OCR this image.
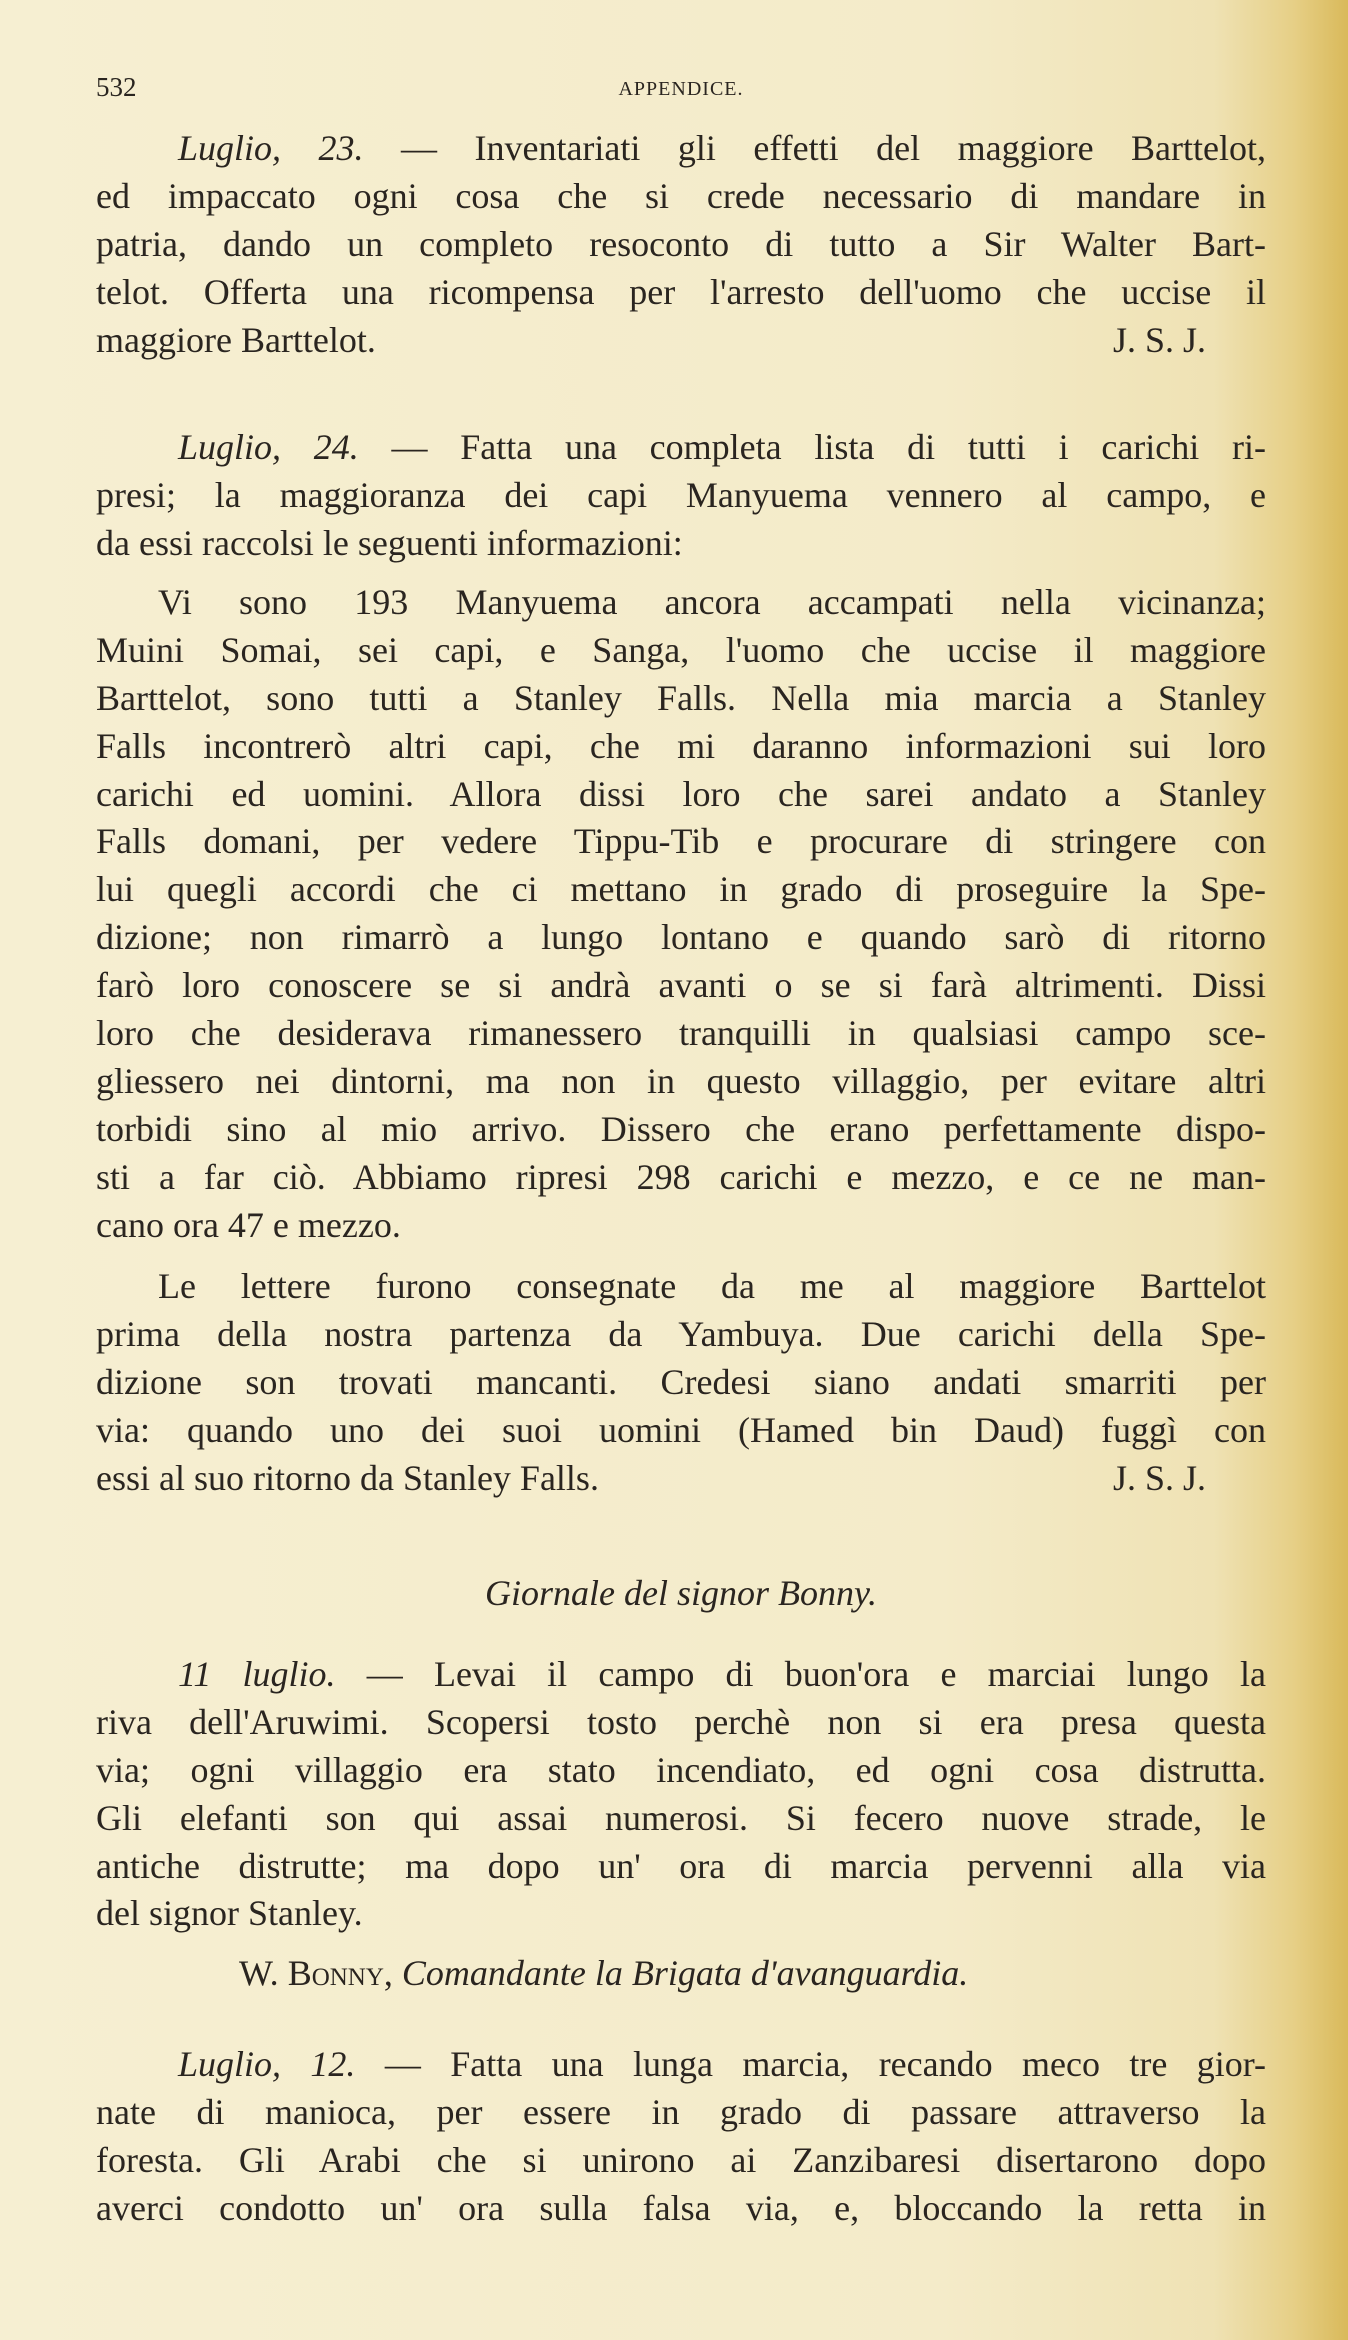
532	APPENDICE.
Luglio, 23. — Inventariati gli effetti del maggiore Barttelot,
ed impaccato ogni cosa che si crede necessario di mandare in
patria, dando un completo resoconto di tutto a Sir Walter Bart-
telot. Offerta una ricompensa per l'arresto dell'uomo che uccise il
maggiore Barttelot.	J. S. J.
Luglio, 24. — Fatta una completa lista di tutti i carichi ri-
presi; la maggioranza dei capi Manyuema vennero al campo, e
da essi raccolsi le seguenti informazioni:
Vi sono 193 Manyuema ancora accampati nella vicinanza;
Muini Somai, sei capi, e Sanga, l'uomo che uccise il maggiore
Barttelot, sono tutti a Stanley Falls. Nella mia marcia a Stanley
Falls incontrerò altri capi, che mi daranno informazioni sui loro
carichi ed uomini. Allora dissi loro che sarei andato a Stanley
Falls domani, per vedere Tippu-Tib e procurare di stringere con
lui quegli accordi che ci mettano in grado di proseguire la Spe-
dizione; non rimarrò a lungo lontano e quando sarò di ritorno
farò loro conoscere se si andrà avanti o se si farà altrimenti. Dissi
loro che desiderava rimanessero tranquilli in qualsiasi campo sce-
gliessero nei dintorni, ma non in questo villaggio, per evitare altri
torbidi sino al mio arrivo. Dissero che erano perfettamente dispo-
sti a far ciò. Abbiamo ripresi 298 carichi e mezzo, e ce ne man-
cano ora 47 e mezzo.
Le lettere furono consegnate da me al maggiore Barttelot
prima della nostra partenza da Yambuya. Due carichi della Spe-
dizione son trovati mancanti. Credesi siano andati smarriti per
via: quando uno dei suoi uomini (Hamed bin Daud) fuggì con
essi al suo ritorno da Stanley Falls.	J. S. J.
Giornale del signor Bonny.
11 luglio. — Levai il campo di buon'ora e marciai lungo la
riva dell'Aruwimi. Scopersi tosto perchè non si era presa questa
via; ogni villaggio era stato incendiato, ed ogni cosa distrutta.
Gli elefanti son qui assai numerosi. Si fecero nuove strade, le
antiche distrutte; ma dopo un' ora di marcia pervenni alla via
del signor Stanley.
W. Bonny, Comandante la Brigata d'avanguardia.
Luglio, 12. — Fatta una lunga marcia, recando meco tre gior-
nate di manioca, per essere in grado di passare attraverso la
foresta. Gli Arabi che si unirono ai Zanzibaresi disertarono dopo
averci condotto un' ora sulla falsa via, e, bloccando la retta in
